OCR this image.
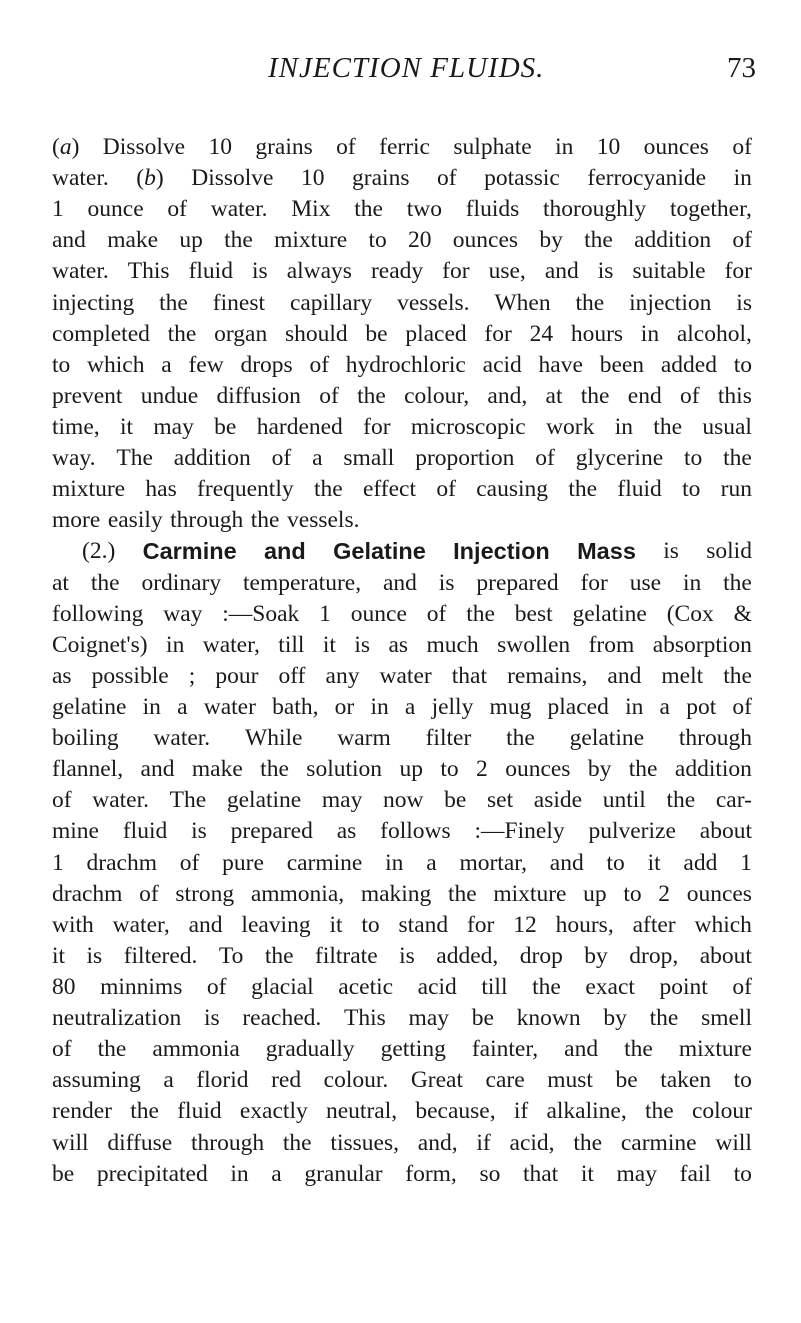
INJECTION FLUIDS.	73
(a) Dissolve 10 grains of ferric sulphate in 10 ounces of
water. (b) Dissolve 10 grains of potassic ferrocyanide in
1 ounce of water. Mix the two fluids thoroughly together,
and make up the mixture to 20 ounces by the addition of
water. This fluid is always ready for use, and is suitable for
injecting the finest capillary vessels. When the injection is
completed the organ should be placed for 24 hours in alcohol,
to which a few drops of hydrochloric acid have been added to
prevent undue diffusion of the colour, and, at the end of this
time, it may be hardened for microscopic work in the usual
way. The addition of a small proportion of glycerine to the
mixture has frequently the effect of causing the fluid to run
more easily through the vessels.
(2.) Carmine and Gelatine Injection Mass is solid
at the ordinary temperature, and is prepared for use in the
following way :—Soak 1 ounce of the best gelatine (Cox &
Coignet's) in water, till it is as much swollen from absorption
as possible ; pour off any water that remains, and melt the
gelatine in a water bath, or in a jelly mug placed in a pot of
boiling water. While warm filter the gelatine through
flannel, and make the solution up to 2 ounces by the addition
of water. The gelatine may now be set aside until the car-
mine fluid is prepared as follows :—Finely pulverize about
1 drachm of pure carmine in a mortar, and to it add 1
drachm of strong ammonia, making the mixture up to 2 ounces
with water, and leaving it to stand for 12 hours, after which
it is filtered. To the filtrate is added, drop by drop, about
80 minnims of glacial acetic acid till the exact point of
neutralization is reached. This may be known by the smell
of the ammonia gradually getting fainter, and the mixture
assuming a florid red colour. Great care must be taken to
render the fluid exactly neutral, because, if alkaline, the colour
will diffuse through the tissues, and, if acid, the carmine will
be precipitated in a granular form, so that it may fail to
